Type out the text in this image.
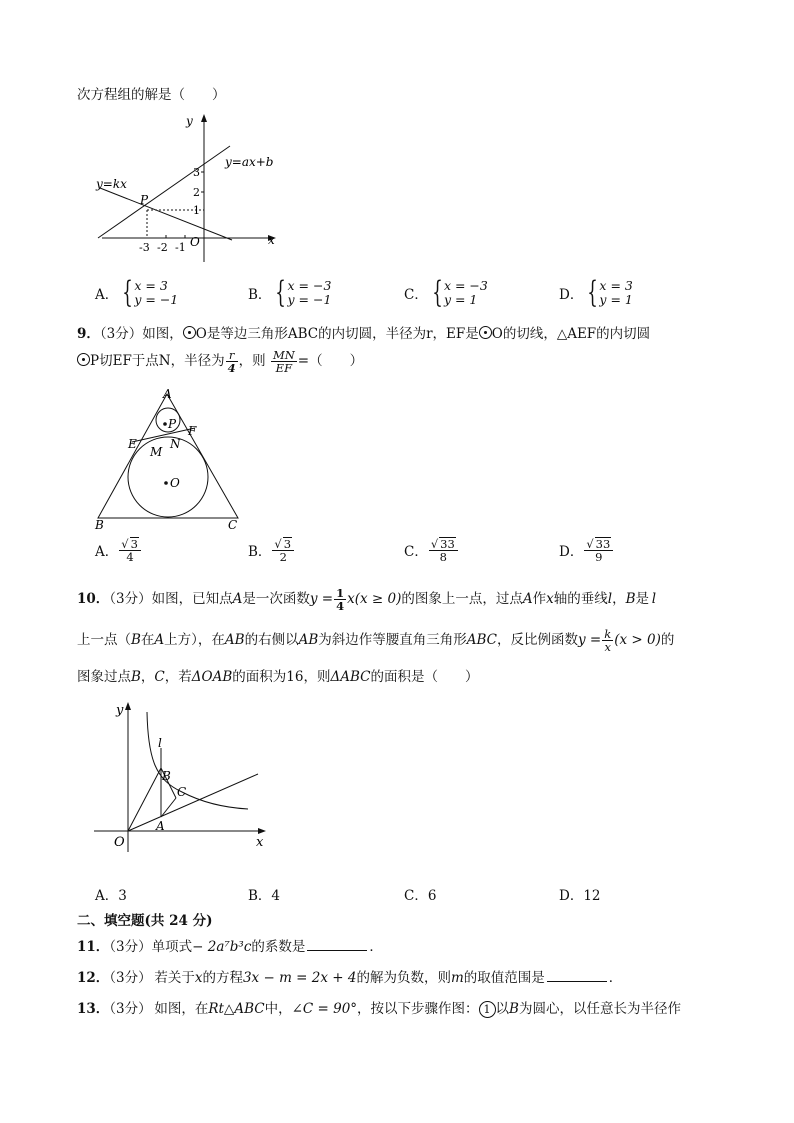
次方程组的解是（　　）
y
x
O
y=ax+b
y=kx
P
3
2
1
-3 -2 -1
A． { x = 3
y = −1	B． { x = −3
y = −1	C． { x = −3
y = 1	D． { x = 3
y = 1
9．（3分）如图， O是等边三角形ABC的内切圆，半径为r，EF是 O的切线，△AEF的内切圆
P切EF于点N，半径为 $\frac{r}{4}$ ，则 $\frac{MN}{EF}$ =（　　）
A
B	C
E
F
M
N
P
O
A． $\frac{√ 3}{4}$	B． $\frac{√ 3}{2}$	C． $\frac{√ 33}{8}$	D． $\frac{√ 33}{9}$
10．（3分）如图，已知点A是一次函数$y = \frac{1}{4} x(x \ge 0)$的图象上一点，过点A作x轴的垂线l，B是  l
上一点（B在A上方），在AB的右侧以AB为斜边作等腰直角三角形ABC，反比例函数$y = \frac{k}{x} (x > 0)$的
图象过点B，C，若ΔOAB的面积为16，则ΔABC的面积是（　　）
y
x
O
l
B
C
A
A．3	B．4	C．6	D．12
二、填空题(共 24 分)
11．（3分）单项式− 2a⁷b³c的系数是	．
12．（3分）  若关于x的方程3x − m = 2x + 4的解为负数，则m的取值范围是	．
13．（3分）  如图，在Rt△ABC中，∠C = 90°，按以下步骤作图： 1 以B为圆心，以任意长为半径作
